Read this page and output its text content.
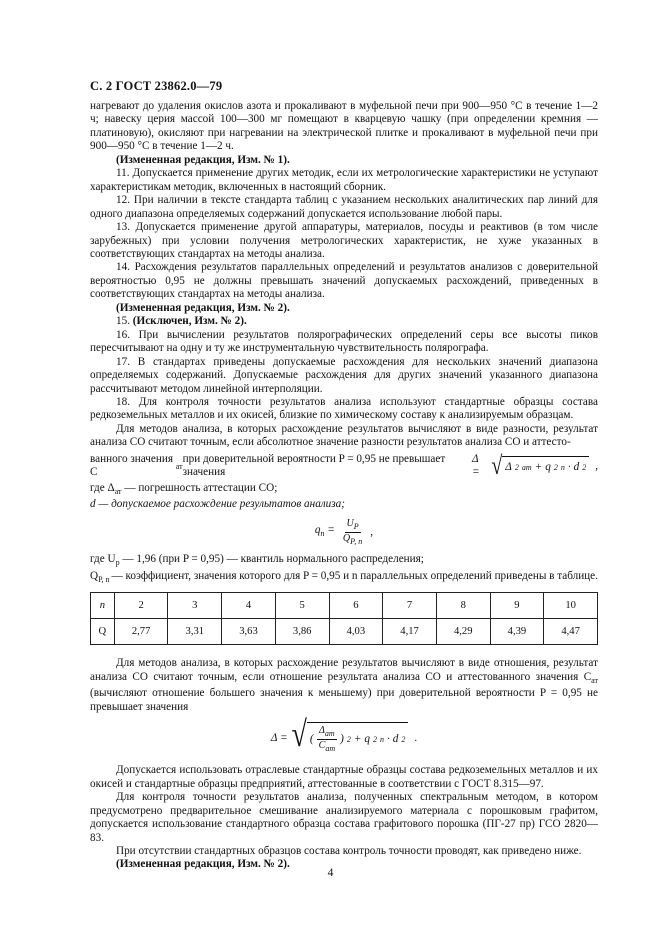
С. 2 ГОСТ 23862.0—79

нагревают до удаления окислов азота и прокаливают в муфельной печи при 900—950 °С в течение 1—2 ч; навеску церия массой 100—300 мг помещают в кварцевую чашку (при определении кремния — платиновую), окисляют при нагревании на электрической плитке и прокаливают в муфельной печи при 900—950 °С в течение 1—2 ч.

(Измененная редакция, Изм. № 1).

11. Допускается применение других методик, если их метрологические характеристики не уступают характеристикам методик, включенных в настоящий сборник.

12. При наличии в тексте стандарта таблиц с указанием нескольких аналитических пар линий для одного диапазона определяемых содержаний допускается использование любой пары.

13. Допускается применение другой аппаратуры, материалов, посуды и реактивов (в том числе зарубежных) при условии получения метрологических характеристик, не хуже указанных в соответствующих стандартах на методы анализа.

14. Расхождения результатов параллельных определений и результатов анализов с доверительной вероятностью 0,95 не должны превышать значений допускаемых расхождений, приведенных в соответствующих стандартах на методы анализа.

(Измененная редакция, Изм. № 2).

15. (Исключен, Изм. № 2).

16. При вычислении результатов полярографических определений серы все высоты пиков пересчитывают на одну и ту же инструментальную чувствительность полярографа.

17. В стандартах приведены допускаемые расхождения для нескольких значений диапазона определяемых содержаний. Допускаемые расхождения для других значений указанного диапазона рассчитывают методом линейной интерполяции.

18. Для контроля точности результатов анализа используют стандартные образцы состава редкоземельных металлов и их окисей, близкие по химическому составу к анализируемым образцам.

Для методов анализа, в которых расхождение результатов вычисляют в виде разности, результат анализа СО считают точным, если абсолютное значение разности результатов анализа СО и аттесто-

ванного значения C
ат
при доверительной вероятности P = 0,95 не превышает значения
Δ = √ Δ 2 ат + q 2 п · d 2 ,
где $\Delta_{ат}$ — погрешность аттестации СО;
d — допускаемое расхождение результатов анализа;
$q_п = \frac{U_Р}{Q_{Р, n}}$ ,
где $U_р$ — 1,96 (при P = 0,95) — квантиль нормального распределения;
$Q_{Р, n}$ — коэффициент, значения которого для P = 0,95 и n параллельных определений приведены в таблице.
n	2	3	4	5	6	7	8	9	10
Q	2,77	3,31	3,63	3,86	4,03	4,17	4,29	4,39	4,47

Для методов анализа, в которых расхождение результатов вычисляют в виде отношения, результат анализа СО считают точным, если отношение результата анализа СО и аттестованного значения $C_{ат}$ (вычисляют отношение большего значения к меньшему) при доверительной вероятности P = 0,95 не превышает значения

Δ = √ ( $\frac{\Delta_{ат}}{C_{ат}}$ ) 2 + q 2 п · d 2 .

Допускается использовать отраслевые стандартные образцы состава редкоземельных металлов и их окисей и стандартные образцы предприятий, аттестованные в соответствии с ГОСТ 8.315—97.

Для контроля точности результатов анализа, полученных спектральным методом, в котором предусмотрено предварительное смешивание анализируемого материала с порошковым графитом, допускается использование стандартного образца состава графитового порошка (ПГ-27 пр) ГСО 2820—83.

При отсутствии стандартных образцов состава контроль точности проводят, как приведено ниже.

(Измененная редакция, Изм. № 2).

4
